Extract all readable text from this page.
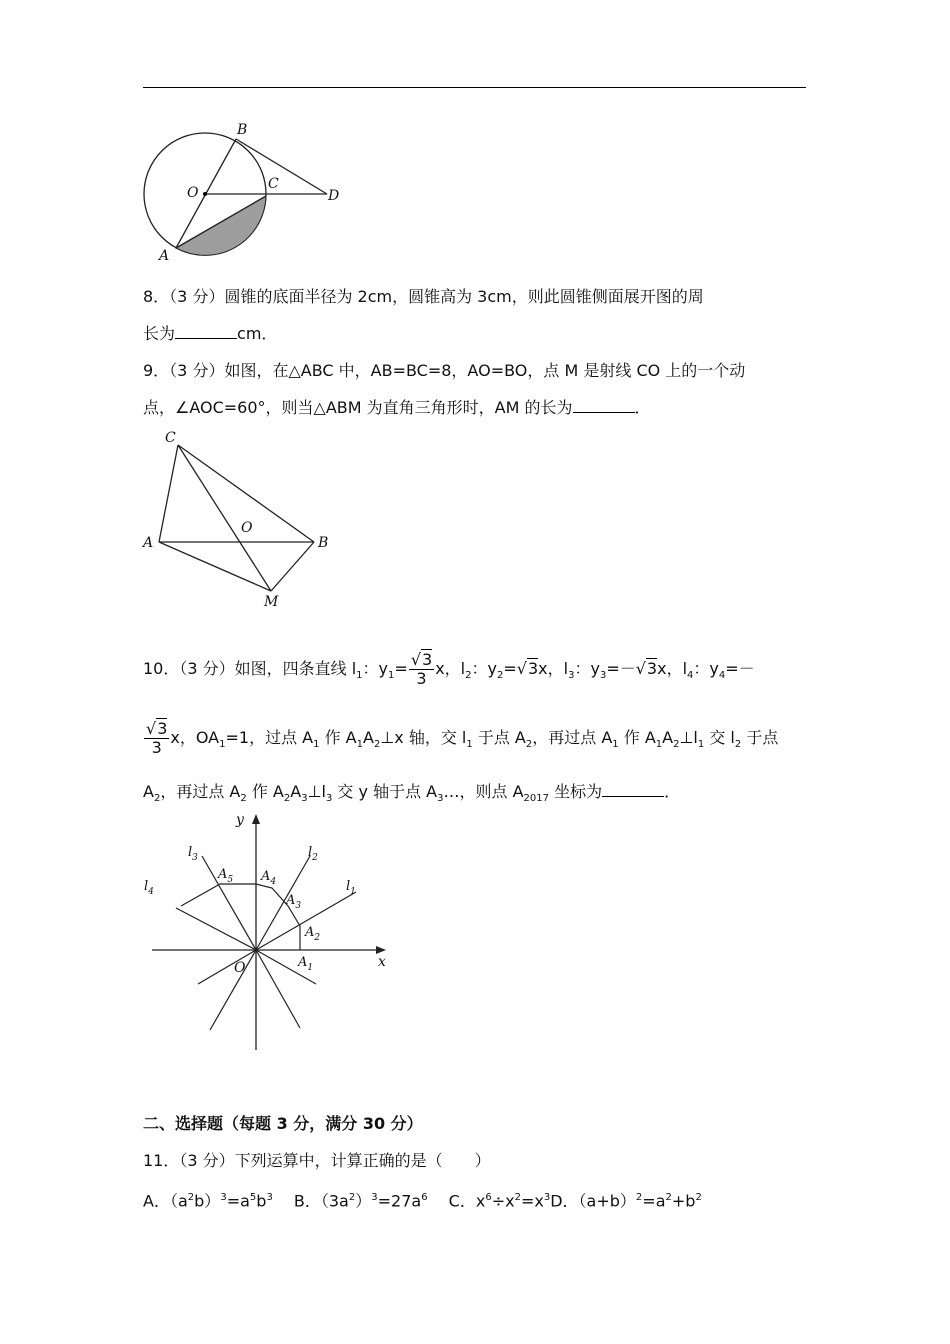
B
O
C
D
A
8．（3 分）圆锥的底面半径为 2cm，圆锥高为 3cm，则此圆锥侧面展开图的周
长为	cm．
9．（3 分）如图，在△ABC 中，AB=BC=8，AO=BO，点 M 是射线 CO 上的一个动
点，∠AOC=60°，则当△ABM 为直角三角形时，AM 的长为	．
C
O
A	B
M
10．（3 分）如图，四条直线 $l_1$：$y_1= \frac{√3}{3}$ x，$l_2$：$y_2=√3x$，$l_3$：$y_3=-√3x$，$l_4$：$y_4=-$
$\frac{√3}{3}$ x，$OA_1=1$，过点 $A_1$ 作 $A_1A_2\perp x$ 轴，交 $l_1$ 于点 $A_2$，再过点 $A_1$ 作 $A_1A_2\perp l_1$ 交 $l_2$ 于点
$A_2$，再过点 $A_2$ 作 $A_2A_3\perp l_3$ 交 y 轴于点 $A_3\dots$，则点 $A_{2017}$ 坐标为	．
y
$l_3$	$l_2$
$l_1$
$l_4$
$A_5$ $A_4$
$A_3$
$A_2$
$A_1$
O	x
二、选择题（每题 3 分，满分 30 分）
11．（3 分）下列运算中，计算正确的是（　　）
A．$(a^2b)^3=a^5b^3$　 B．$(3a^2)^3=27a^6$　 C．$x^6\div x^2=x^3D$．$(a+b)^2=a^2+b^2$
